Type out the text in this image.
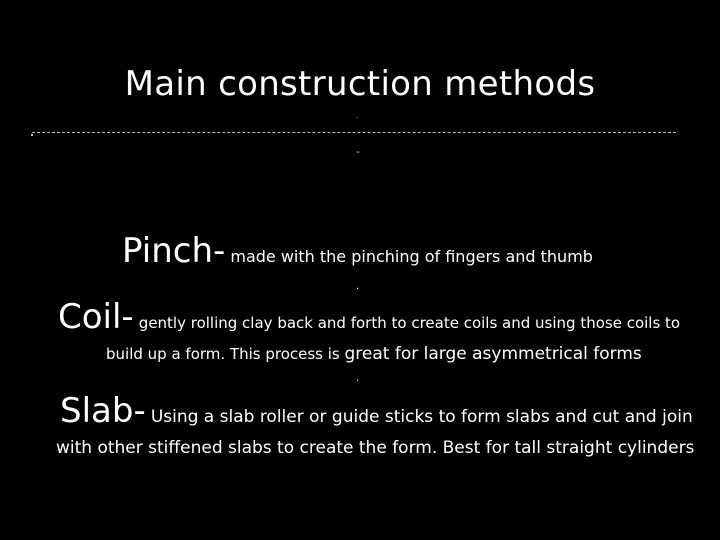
Main construction methods
.
-
Pinch- made with the pinching of fingers and thumb
.
Coil- gently rolling clay back and forth to create coils and using those coils to
build up a form. This process is great for large asymmetrical forms
.
Slab- Using a slab roller or guide sticks to form slabs and cut and join
with other stiffened slabs to create the form. Best for tall straight cylinders
